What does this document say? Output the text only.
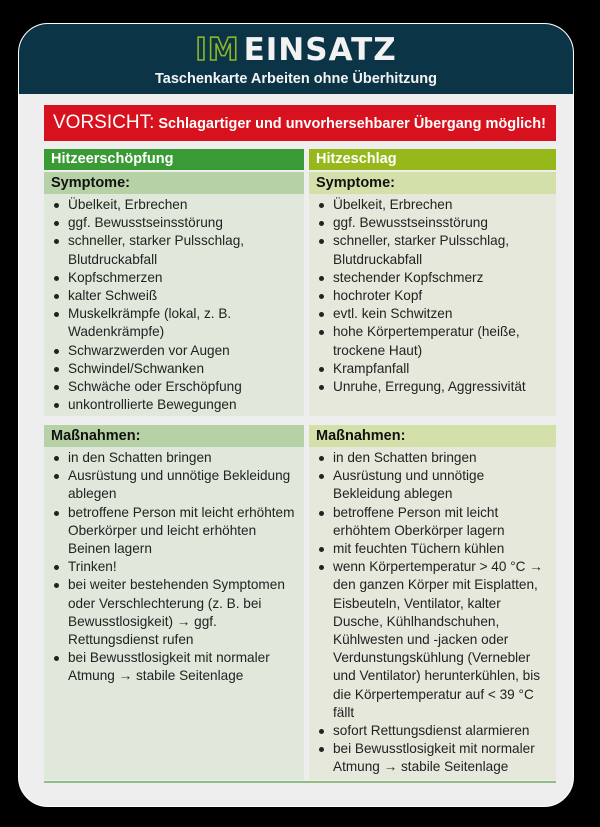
IM EINSATZ
Taschenkarte Arbeiten ohne Überhitzung
VORSICHT: Schlagartiger und unvorhersehbarer Übergang möglich!
Hitzeerschöpfung
Symptome:
Übelkeit, Erbrechen
ggf. Bewusstseinsstörung
schneller, starker Pulsschlag, Blutdruckabfall
Kopfschmerzen
kalter Schweiß
Muskelkrämpfe (lokal, z. B. Wadenkrämpfe)
Schwarzwerden vor Augen
Schwindel/Schwanken
Schwäche oder Erschöpfung
unkontrollierte Bewegungen
Maßnahmen:
in den Schatten bringen
Ausrüstung und unnötige Bekleidung ablegen
betroffene Person mit leicht erhöhtem Oberkörper und leicht erhöhten Beinen lagern
Trinken!
bei weiter bestehenden Symptomen oder Verschlechterung (z. B. bei Bewusstlosigkeit) → ggf. Rettungsdienst rufen
bei Bewusstlosigkeit mit normaler Atmung → stabile Seitenlage
Hitzeschlag
Symptome:
Übelkeit, Erbrechen
ggf. Bewusstseinsstörung
schneller, starker Pulsschlag, Blutdruckabfall
stechender Kopfschmerz
hochroter Kopf
evtl. kein Schwitzen
hohe Körpertemperatur (heiße, trockene Haut)
Krampfanfall
Unruhe, Erregung, Aggressivität
Maßnahmen:
in den Schatten bringen
Ausrüstung und unnötige Bekleidung ablegen
betroffene Person mit leicht erhöhtem Oberkörper lagern
mit feuchten Tüchern kühlen
wenn Körpertemperatur > 40 °C → den ganzen Körper mit Eisplatten, Eisbeuteln, Ventilator, kalter Dusche, Kühlhandschuhen, Kühlwesten und -jacken oder Verdunstungskühlung (Vernebler und Ventilator) herunterkühlen, bis die Körpertemperatur auf < 39 °C fällt
sofort Rettungsdienst alarmieren
bei Bewusstlosigkeit mit normaler Atmung → stabile Seitenlage
